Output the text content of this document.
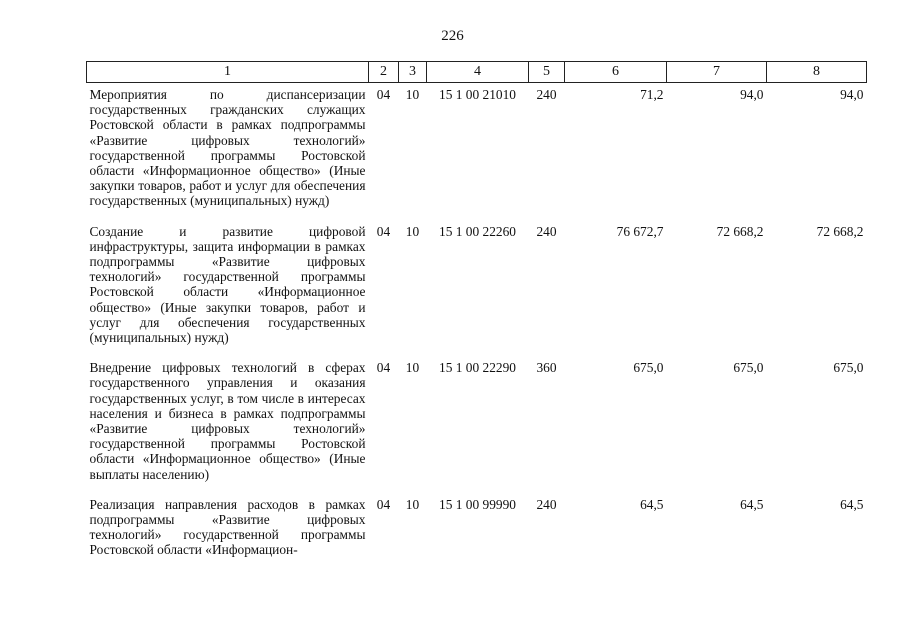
226
1	2	3	4	5	6	7	8
Мероприятия по диспансеризации государственных гражданских служащих Ростовской области в рамках подпрограммы «Развитие цифровых технологий» государственной программы Ростовской области «Информационное общество» (Иные закупки товаров, работ и услуг для обеспечения государственных (муниципальных) нужд)	04	10	15 1 00 21010	240	71,2	94,0	94,0
Создание и развитие цифровой инфраструктуры, защита информации в рамках подпрограммы «Развитие цифровых технологий» государственной программы Ростовской области «Информационное общество» (Иные закупки товаров, работ и услуг для обеспечения государственных (муниципальных) нужд)	04	10	15 1 00 22260	240	76 672,7	72 668,2	72 668,2
Внедрение цифровых технологий в сферах государственного управления и оказания государственных услуг, в том числе в интересах населения и бизнеса в рамках подпрограммы «Развитие цифровых технологий» государственной программы Ростовской области «Информационное общество» (Иные выплаты населению)	04	10	15 1 00 22290	360	675,0	675,0	675,0
Реализация направления расходов в рамках подпрограммы «Развитие цифровых технологий» государственной программы Ростовской области «Информацион-	04	10	15 1 00 99990	240	64,5	64,5	64,5
